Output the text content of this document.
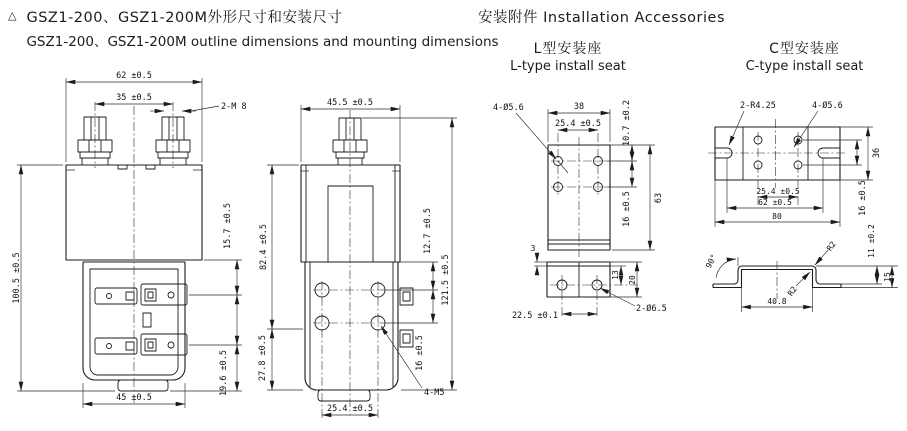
△ GSZ1-200、GSZ1-200M外形尺寸和安装尺寸
GSZ1-200、GSZ1-200M outline dimensions and mounting dimensions
安装附件 Installation Accessories
L型安装座
L-type install seat
C型安装座
C-type install seat
62 ±0.5
35 ±0.5
2-M 8
100.5 ±0.5
15.7 ±0.5
19.6 ±0.5
45 ±0.5
45.5 ±0.5
82.4 ±0.5
27.8 ±0.5
121.5 ±0.5
12.7 ±0.5
16 ±0.5
25.4 ±0.5
4-M5
38
25.4 ±0.5 10.7 ±0.2
16 ±0.5	63
4-Ø5.6
3
22.5 ±0.1
13
20
2-Ø6.5
2-R4.25	4-Ø5.6
36
16 ±0.5
25.4 ±0.5
62 ±0.5
80
90°
R2
R2
40.8
11 ±0.2
15
